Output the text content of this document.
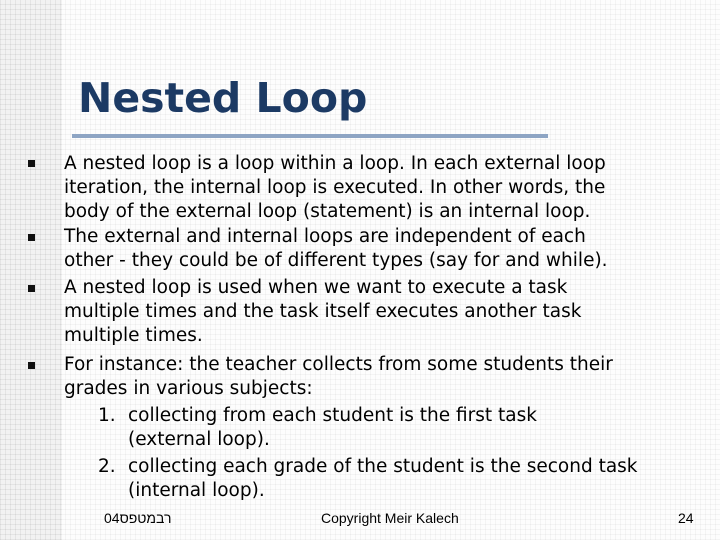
Nested Loop
A nested loop is a loop within a loop. In each external loop
iteration, the internal loop is executed. In other words, the
body of the external loop (statement) is an internal loop.
The external and internal loops are independent of each
other - they could be of different types (say for and while).
A nested loop is used when we want to execute a task
multiple times and the task itself executes another task
multiple times.
For instance: the teacher collects from some students their
grades in various subjects:
1. collecting from each student is the first task
(external loop).
2. collecting each grade of the student is the second task
(internal loop).
רבמטפס04	Copyright Meir Kalech	24
